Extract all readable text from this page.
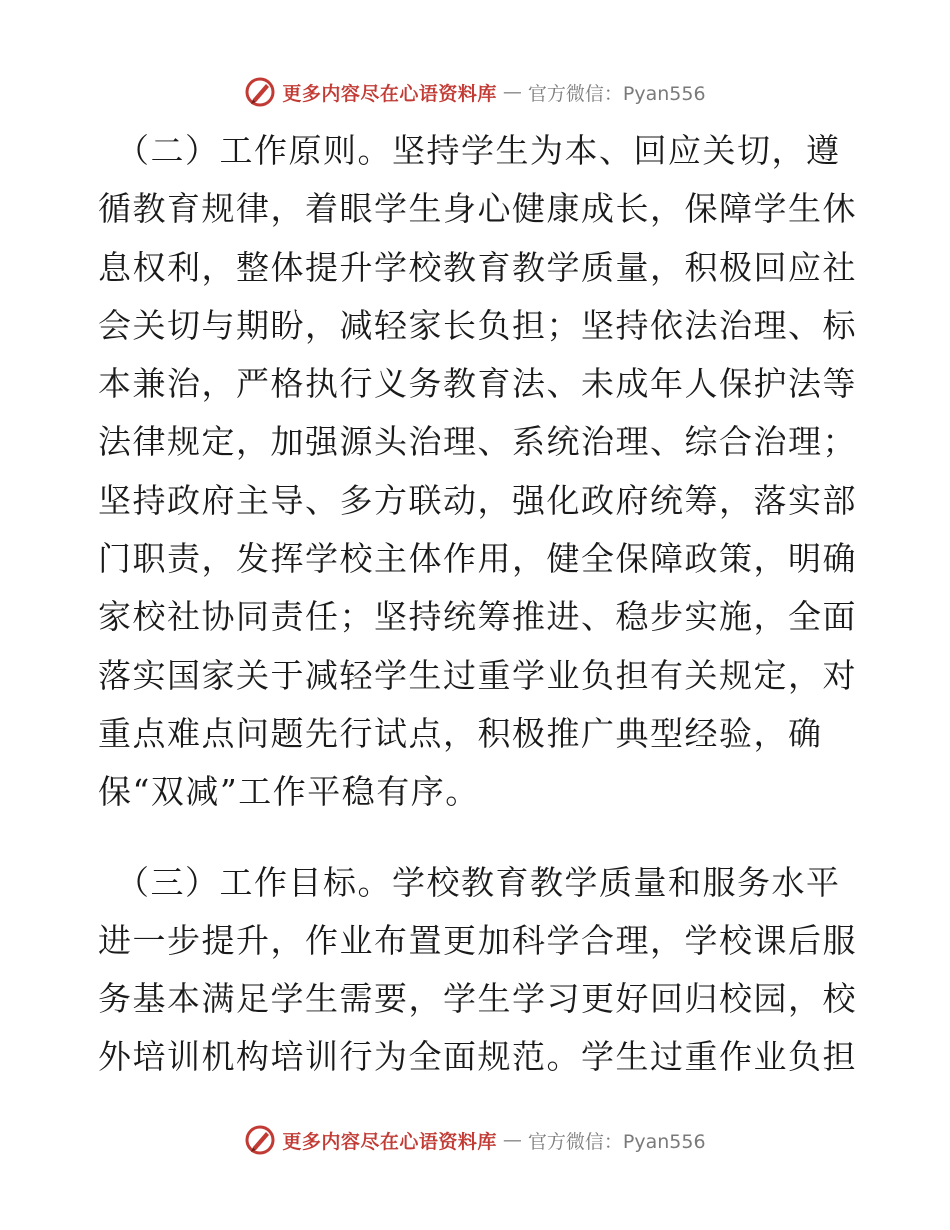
更多内容尽在心语资料库 — 官方微信：Pyan556
（二）工作原则。坚持学生为本、回应关切，遵
循教育规律，着眼学生身心健康成长，保障学生休
息权利，整体提升学校教育教学质量，积极回应社
会关切与期盼，减轻家长负担；坚持依法治理、标
本兼治，严格执行义务教育法、未成年人保护法等
法律规定，加强源头治理、系统治理、综合治理；
坚持政府主导、多方联动，强化政府统筹，落实部
门职责，发挥学校主体作用，健全保障政策，明确
家校社协同责任；坚持统筹推进、稳步实施，全面
落实国家关于减轻学生过重学业负担有关规定，对
重点难点问题先行试点，积极推广典型经验，确
保“双减”工作平稳有序。
（三）工作目标。学校教育教学质量和服务水平
进一步提升，作业布置更加科学合理，学校课后服
务基本满足学生需要，学生学习更好回归校园，校
外培训机构培训行为全面规范。学生过重作业负担
更多内容尽在心语资料库 — 官方微信：Pyan556
